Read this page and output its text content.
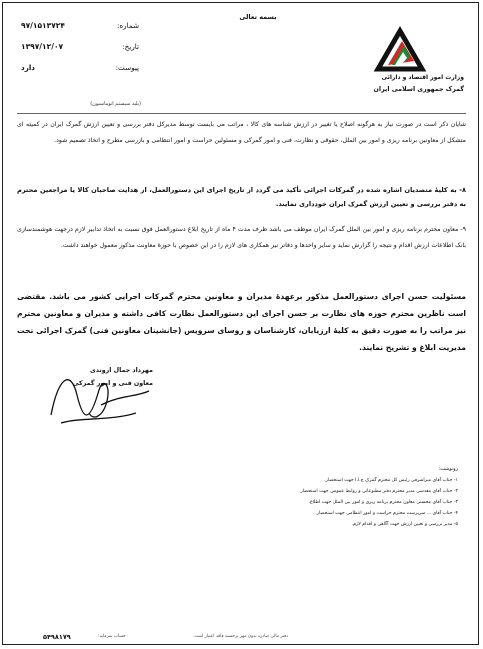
بسمه تعالی
۹۷/۱۵۱۳۷۲۴	شماره:
۱۳۹۷/۱۲/۰۷	تاریخ:
دارد	پیوست:
وزارت امور اقتصاد و دارائی
گمرک جمهوری اسلامی ایران
(بلید سیستم اتوماسیون)
شایان ذکر است در صورت نیاز به هرگونه اصلاح یا تغییر در ارزش شناسه های کالا ، مراتب می بایست توسط مدیرکل دفتر بررسی و تعیین ارزش گمرک ایران در کمیته ای متشکل از معاونین برنامه ریزی و امور بین الملل، حقوقی و نظارت، فنی و امور گمرکی و مسئولین حراست و امور انتظامی و بازرسی مطرح و اتخاذ تصمیم شود.
۸- به کلیهٔ متصدیان اشاره شده در گمرکات اجرائی تأکید می گردد از تاریخ اجرای این دستورالعمل، از هدایت صاحبان کالا یا مراجعین محترم به دفتر بررسی و تعیین ارزش گمرک ایران خودداری نمایند.
۹- معاون محترم برنامه ریزی و امور بین الملل گمرک ایران موظف می باشد ظرف مدت ۴ ماه از تاریخ ابلاغ دستورالعمل فوق نسبت به اتخاذ تدابیر لازم درجهت هوشمندسازی بانک اطلاعات ارزش اقدام و نتیجه را گزارش نماید و سایر واحدها و دفاتر نیز همکاری های لازم را در این خصوص با حوزهٔ معاونت مذکور معمول خواهند داشت.
مسئولیت حسن اجرای دستورالعمل مذکور برعهدهٔ مدیران و معاونین محترم گمرکات اجرایی کشور می باشد. مقتضی است ناظرین محترم حوزه های نظارت بر حسن اجرای این دستورالعمل نظارت کافی داشته و مدیران و معاونین محترم نیز مراتب را به صورت دقیق به کلیهٔ ارزیابان، کارشناسان و روسای سرویس (جانشینان معاونین فنی) گمرک اجرائی تحت مدیریت ابلاغ و تشریح نمایند.
مهرداد جمال اروندی
معاون فنی و امور گمرکی
رونوشت:
۱- جناب آقای میراشرفی رئیس کل محترم گمرک ج.ا.ا جهت استحضار.
۲- جناب آقای مقدسی مدیر محترم دفتر مطبوعاتی و روابط عمومی جهت استحضار.
۳- جناب آقای محسنی معاون محترم برنامه ریزی و امور بین الملل جهت اطلاع.
۴- جناب آقای ... سرپرست محترم حراست و امور انتظامی جهت استحضار.
۵- مدیر بررسی و تعیین ارزش جهت آگاهی و اقدام لازم.
۵۴۹۸۱۷۹	حساب سرمایه:	دفتر مالی صادره بدون مهر برجسته فاقد اعتبار است.
